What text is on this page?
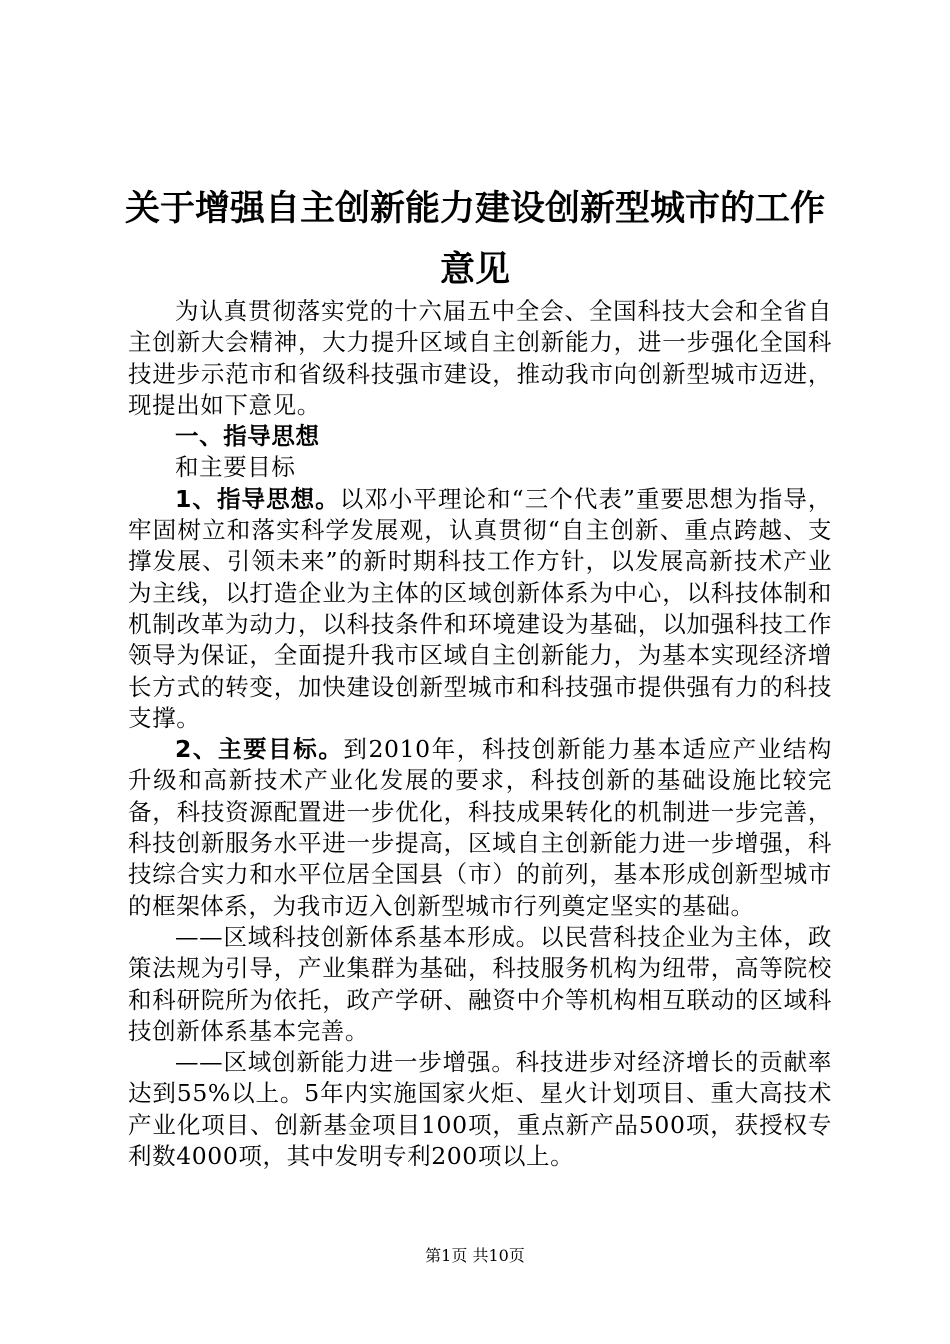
关于增强自主创新能力建设创新型城市的工作
意见

为认真贯彻落实党的十六届五中全会、全国科技大会和全省自主创新大会精神，大力提升区域自主创新能力，进一步强化全国科技进步示范市和省级科技强市建设，推动我市向创新型城市迈进，现提出如下意见。

一、指导思想

和主要目标

1、指导思想。以邓小平理论和“三个代表”重要思想为指导，牢固树立和落实科学发展观，认真贯彻“自主创新、重点跨越、支撑发展、引领未来”的新时期科技工作方针，以发展高新技术产业为主线，以打造企业为主体的区域创新体系为中心，以科技体制和机制改革为动力，以科技条件和环境建设为基础，以加强科技工作领导为保证，全面提升我市区域自主创新能力，为基本实现经济增长方式的转变，加快建设创新型城市和科技强市提供强有力的科技支撑。

2、主要目标。到2010年，科技创新能力基本适应产业结构升级和高新技术产业化发展的要求，科技创新的基础设施比较完备，科技资源配置进一步优化，科技成果转化的机制进一步完善，科技创新服务水平进一步提高，区域自主创新能力进一步增强，科技综合实力和水平位居全国县（市）的前列，基本形成创新型城市的框架体系，为我市迈入创新型城市行列奠定坚实的基础。

——区域科技创新体系基本形成。以民营科技企业为主体，政策法规为引导，产业集群为基础，科技服务机构为纽带，高等院校和科研院所为依托，政产学研、融资中介等机构相互联动的区域科技创新体系基本完善。

——区域创新能力进一步增强。科技进步对经济增长的贡献率达到55%以上。5年内实施国家火炬、星火计划项目、重大高技术产业化项目、创新基金项目100项，重点新产品500项，获授权专利数4000项，其中发明专利200项以上。

第1页 共10页
